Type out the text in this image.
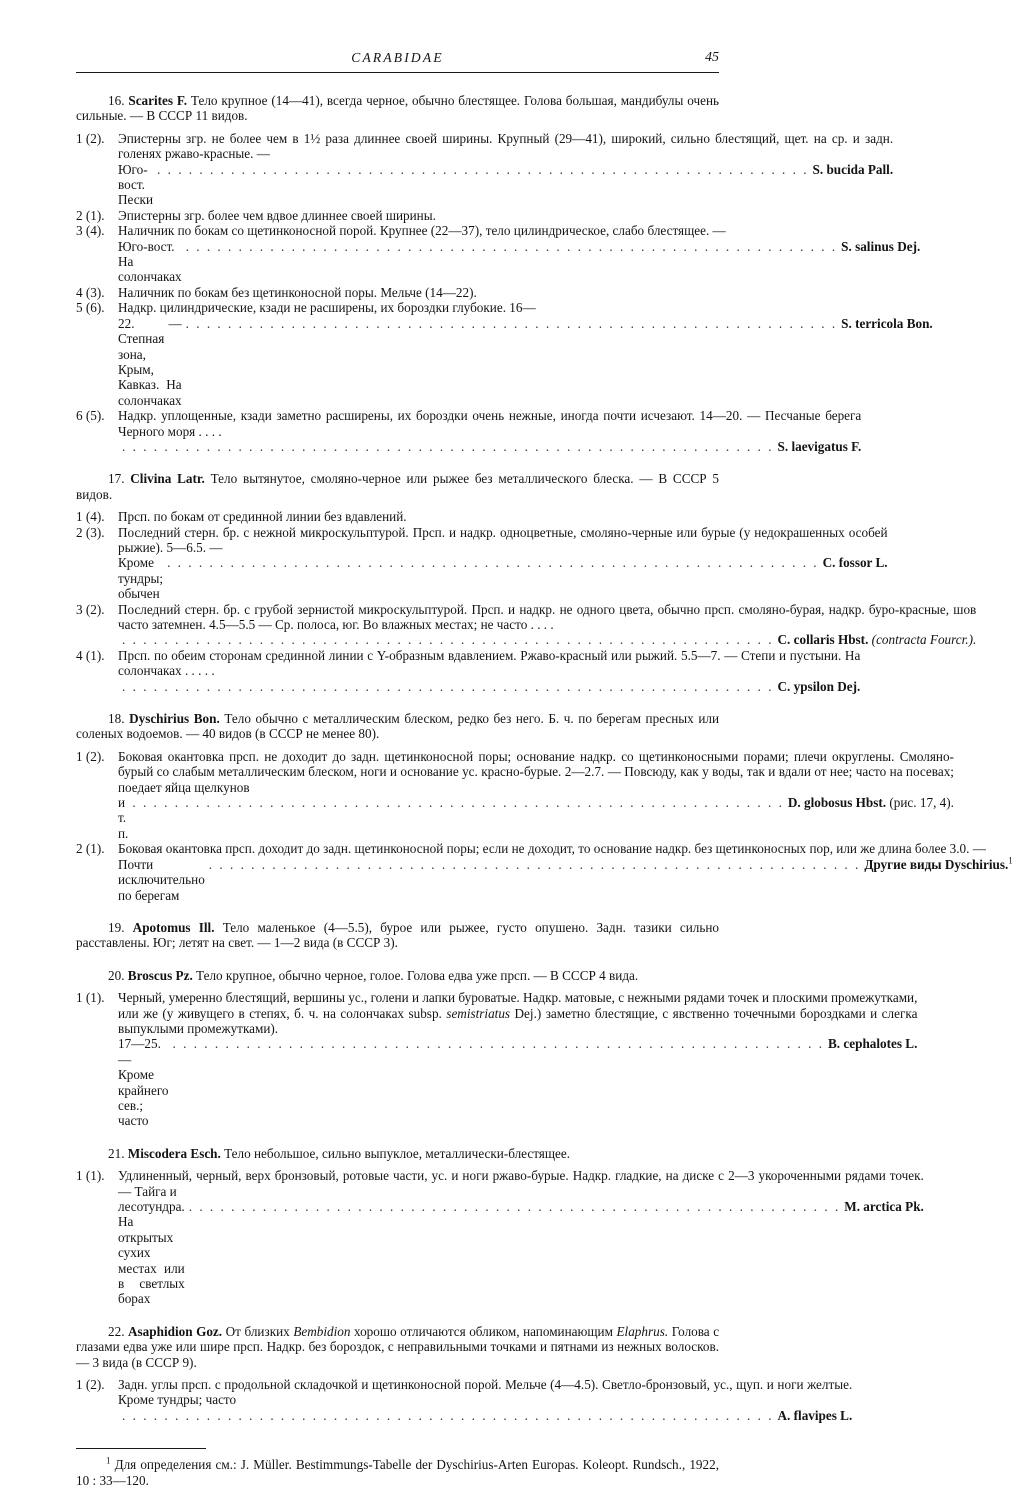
CARABIDAE	45
16. Scarites F. Тело крупное (14—41), всегда черное, обычно блестящее. Голова большая, мандибулы очень сильные. — В СССР 11 видов.
1 (2).	Эпистерны згр. не более чем в 1½ раза длиннее своей ширины. Крупный (29—41), широкий, сильно блестящий, щет. на ср. и задн. голенях ржаво-красные. —
Юго-вост. Пески
. . .
S. bucida Pall.
2 (1).	Эпистерны згр. более чем вдвое длиннее своей ширины.
3 (4).	Наличник по бокам со щетинконосной порой. Крупнее (22—37), тело цилиндрическое, слабо блестящее. —
Юго-вост. На солончаках
. . .
S. salinus Dej.
4 (3).	Наличник по бокам без щетинконосной поры. Мельче (14—22).
5 (6).	Надкр. цилиндрические, кзади не расширены, их бороздки глубокие. 16—
22. — Степная зона, Крым, Кавказ. На солончаках
. . .
S. terricola Bon.
6 (5).	Надкр. уплощенные, кзади заметно расширены, их бороздки очень нежные, иногда почти исчезают. 14—20. — Песчаные берега Черного моря . . . .
. . .
S. laevigatus F.
17. Clivina Latr. Тело вытянутое, смоляно-черное или рыжее без металлического блеска. — В СССР 5 видов.
1 (4).	Прсп. по бокам от срединной линии без вдавлений.
2 (3).	Последний стерн. бр. с нежной микроскульптурой. Прсп. и надкр. одноцветные, смоляно-черные или бурые (у недокрашенных особей рыжие). 5—6.5. —
Кроме тундры; обычен
. . .
C. fossor L.
3 (2).	Последний стерн. бр. с грубой зернистой микроскульптурой. Прсп. и надкр. не одного цвета, обычно прсп. смоляно-бурая, надкр. буро-красные, шов часто затемнен. 4.5—5.5 — Ср. полоса, юг. Во влажных местах; не часто . . . .
. . .
C. collaris Hbst. (contracta Fourcr.).
4 (1).	Прсп. по обеим сторонам срединной линии с Y-образным вдавлением. Ржаво-красный или рыжий. 5.5—7. — Степи и пустыни. На солончаках . . . . .
. . .
C. ypsilon Dej.
18. Dyschirius Bon. Тело обычно с металлическим блеском, редко без него. Б. ч. по берегам пресных или соленых водоемов. — 40 видов (в СССР не менее 80).
1 (2).	Боковая окантовка прсп. не доходит до задн. щетинконосной поры; основание надкр. со щетинконосными порами; плечи округлены. Смоляно-бурый со слабым металлическим блеском, ноги и основание ус. красно-бурые. 2—2.7. — Повсюду, как у воды, так и вдали от нее; часто на посевах; поедает яйца щелкунов
и т. п.
. . .
D. globosus Hbst. (рис. 17, 4).
2 (1).	Боковая окантовка прсп. доходит до задн. щетинконосной поры; если не доходит, то основание надкр. без щетинконосных пор, или же длина более 3.0. —
Почти исключительно по берегам
. . .
Другие виды Dyschirius.$^1$
19. Apotomus Ill. Тело маленькое (4—5.5), бурое или рыжее, густо опушено. Задн. тазики сильно расставлены. Юг; летят на свет. — 1—2 вида (в СССР 3).
20. Broscus Pz. Тело крупное, обычно черное, голое. Голова едва уже прсп. — В СССР 4 вида.
1 (1).	Черный, умеренно блестящий, вершины ус., голени и лапки буроватые. Надкр. матовые, с нежными рядами точек и плоскими промежутками, или же (у живущего в степях, б. ч. на солончаках subsp. semistriatus Dej.) заметно блестящие, с явственно точечными бороздками и слегка выпуклыми промежутками).
17—25. — Кроме крайнего сев.; часто
. . .
B. cephalotes L.
21. Miscodera Esch. Тело небольшое, сильно выпуклое, металлически-блестящее.
1 (1).	Удлиненный, черный, верх бронзовый, ротовые части, ус. и ноги ржаво-бурые. Надкр. гладкие, на диске с 2—3 укороченными рядами точек. — Тайга и
лесотундра. На открытых сухих местах или в светлых борах
. . .
M. arctica Pk.
22. Asaphidion Goz. От близких Bembidion хорошо отличаются обликом, напоминающим Elaphrus. Голова с глазами едва уже или шире прсп. Надкр. без бороздок, с неправильными точками и пятнами из нежных волосков. — 3 вида (в СССР 9).
1 (2).	Задн. углы прсп. с продольной складочкой и щетинконосной порой. Мельче (4—4.5). Светло-бронзовый, ус., щуп. и ноги желтые. Кроме тундры; часто
. . .
A. flavipes L.
$^1$ Для определения см.: J. Müller. Bestimmungs-Tabelle der Dyschirius-Arten Europas. Koleopt. Rundsch., 1922, 10 : 33—120.
